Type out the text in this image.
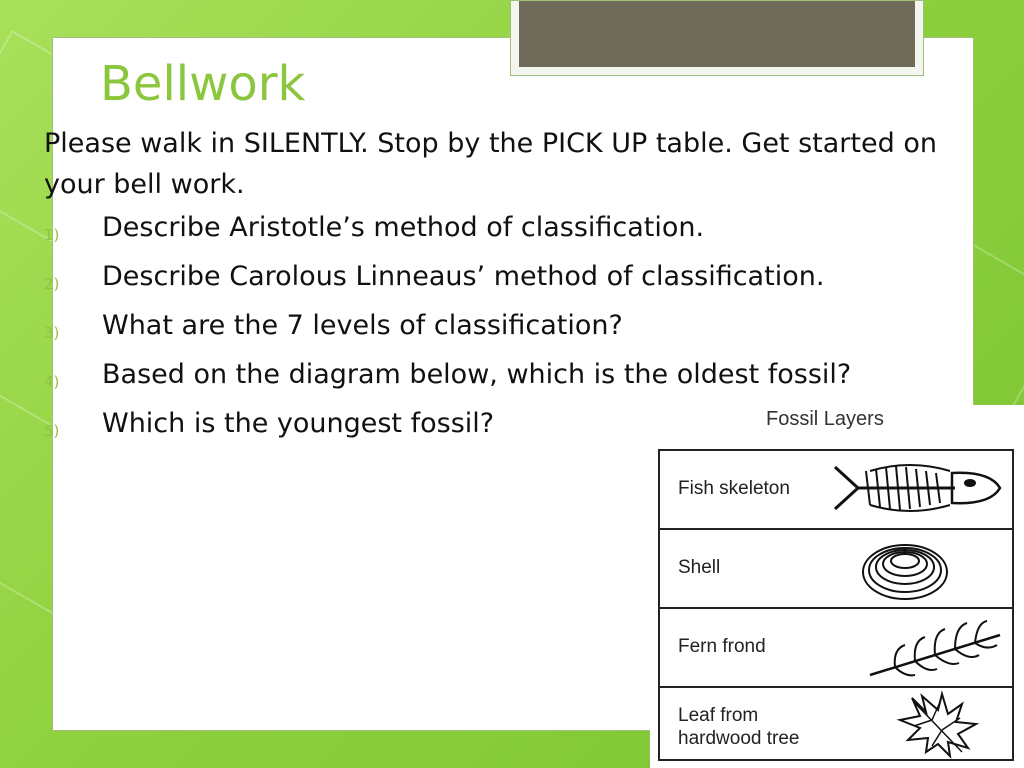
Bellwork
Please walk in SILENTLY. Stop by the PICK UP table. Get started on your bell work.
1) Describe Aristotle’s method of classification.
2) Describe Carolous Linneaus’ method of classification.
3) What are the 7 levels of classification?
4) Based on the diagram below, which is the oldest fossil?
5) Which is the youngest fossil?	Fossil Layers
Fish skeleton
Shell
Fern frond
Leaf from
hardwood tree
